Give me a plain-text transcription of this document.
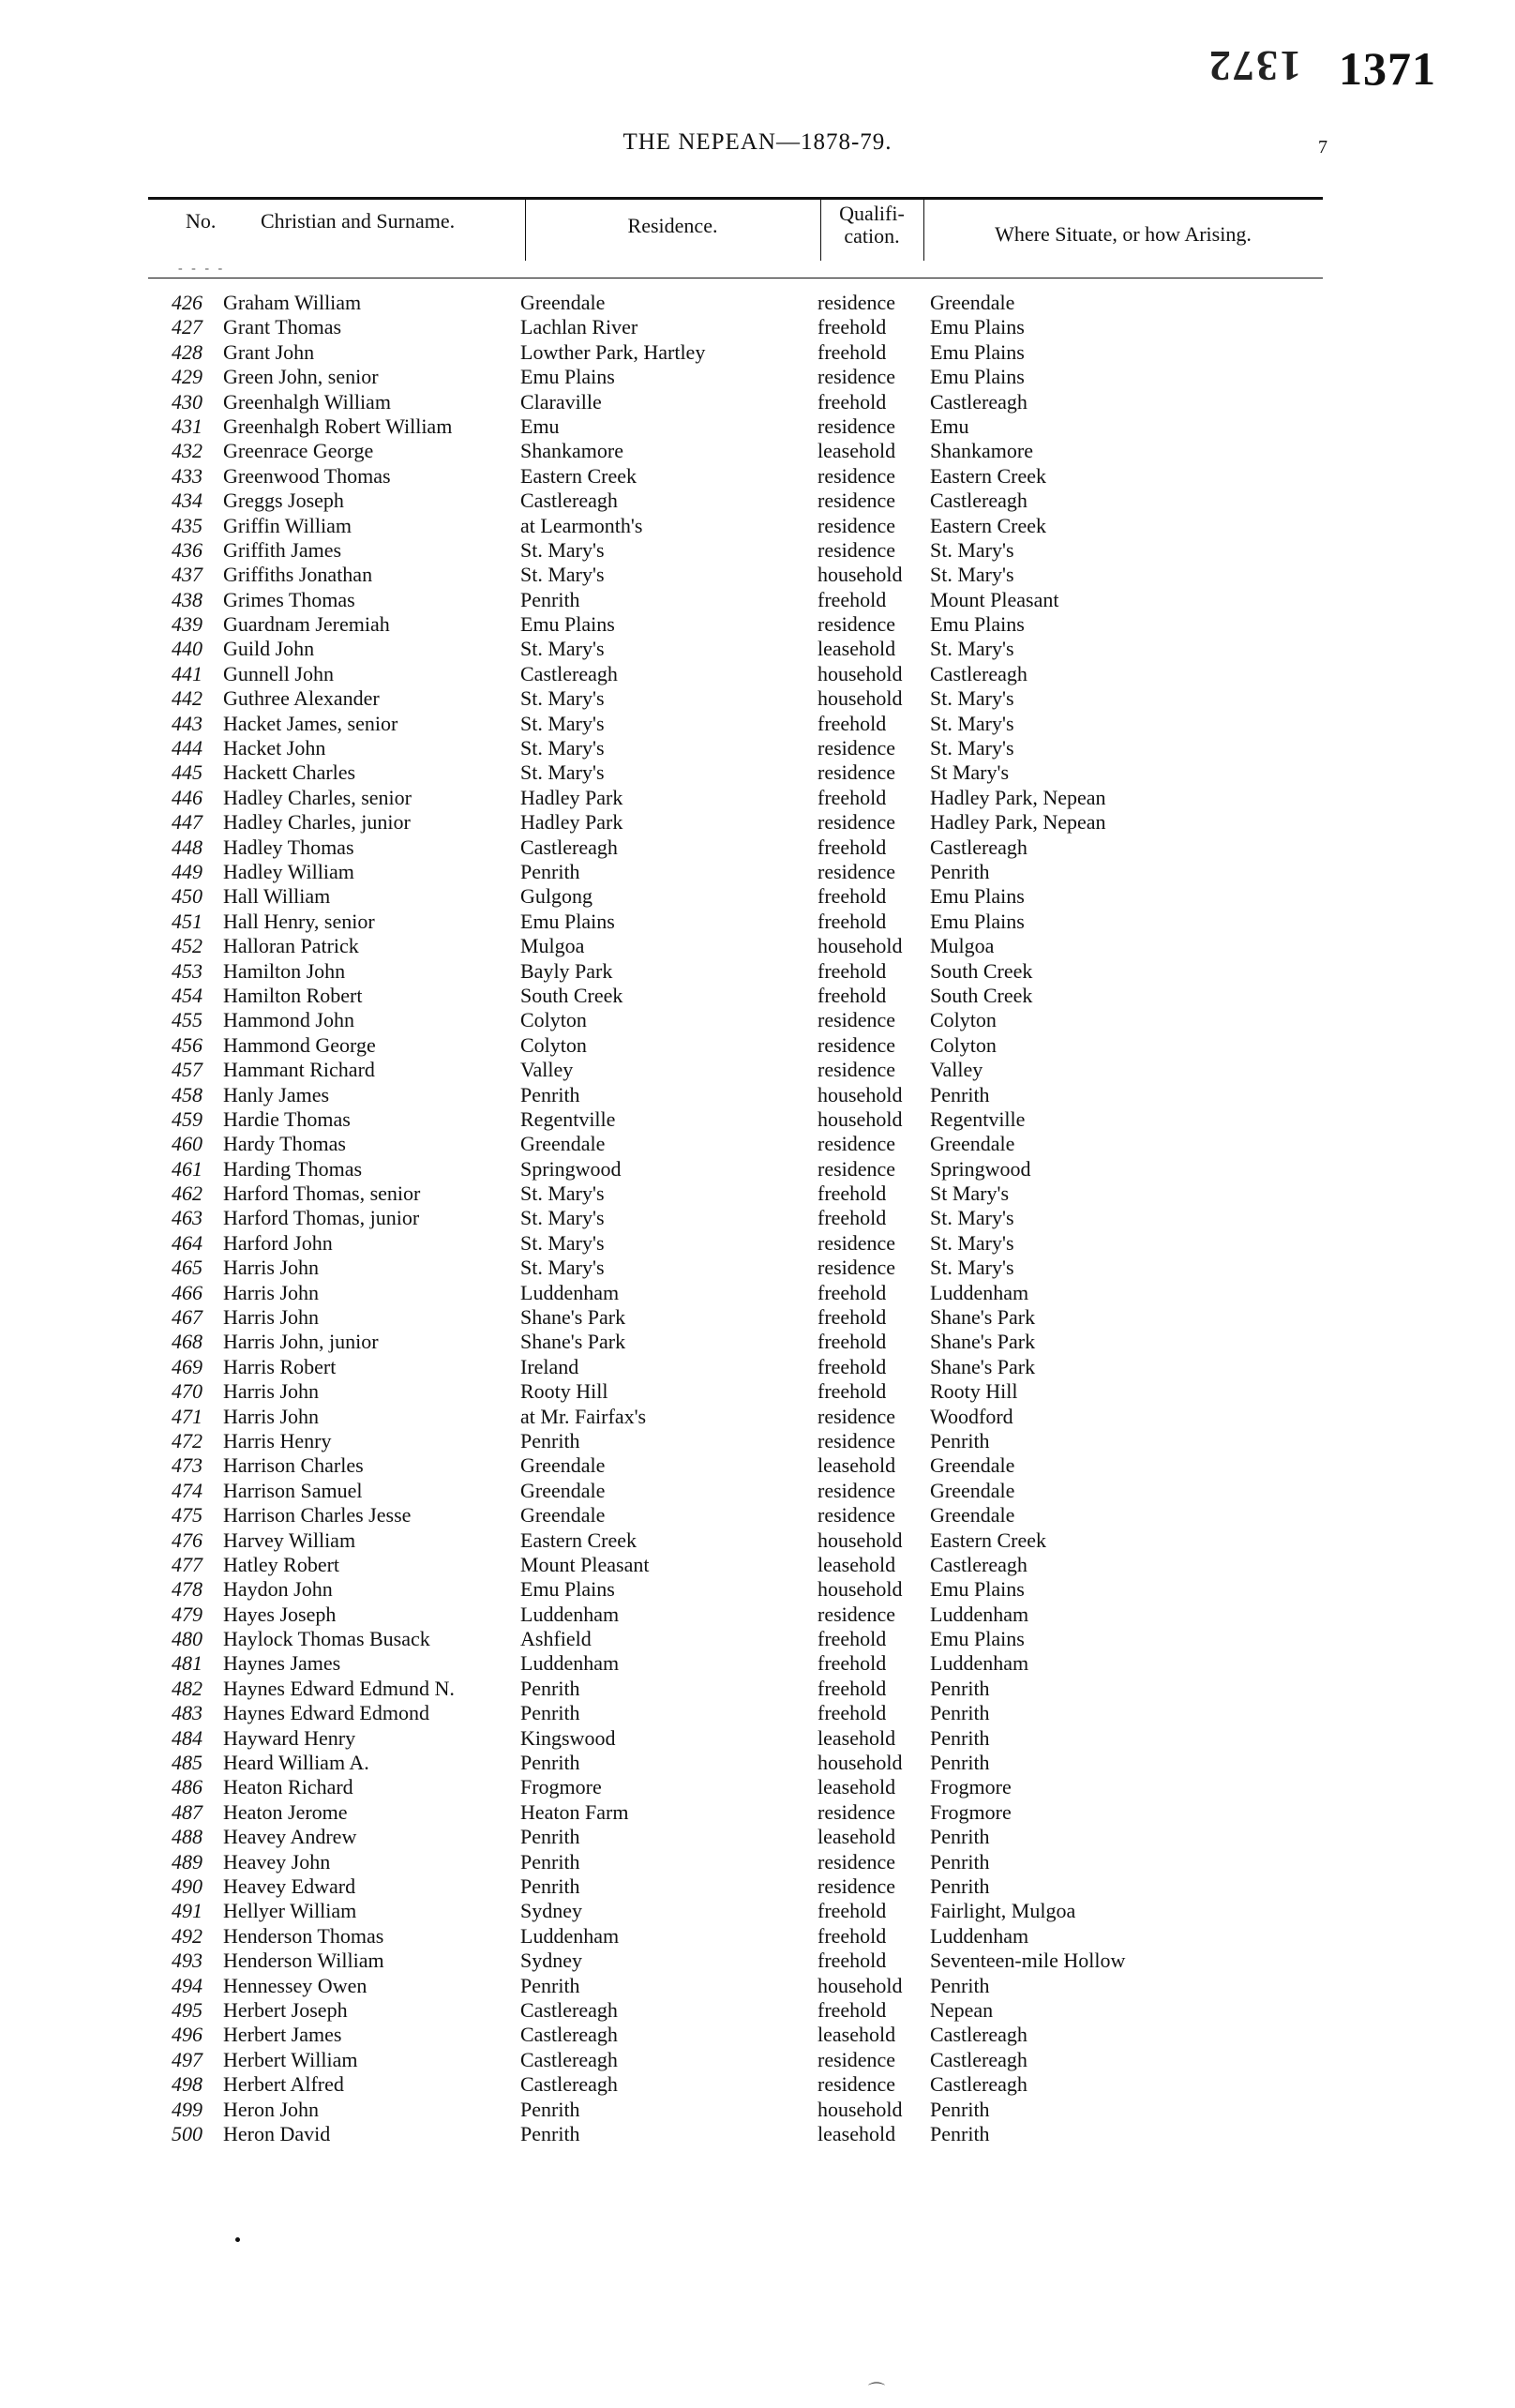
1372 1371
THE NEPEAN—1878-79.	7
No. Christian and Surname.	Residence.
Qualifi-
cation.	Where Situate, or how Arising.
- - - -
426 Graham William	Greendale	residence Greendale
427 Grant Thomas	Lachlan River	freehold Emu Plains
428 Grant John	Lowther Park, Hartley	freehold Emu Plains
429 Green John, senior	Emu Plains	residence Emu Plains
430 Greenhalgh William	Claraville	freehold Castlereagh
431 Greenhalgh Robert William	Emu	residence Emu
432 Greenrace George	Shankamore	leasehold Shankamore
433 Greenwood Thomas	Eastern Creek	residence Eastern Creek
434 Greggs Joseph	Castlereagh	residence Castlereagh
435 Griffin William	at Learmonth's	residence Eastern Creek
436 Griffith James	St. Mary's	residence St. Mary's
437 Griffiths Jonathan	St. Mary's	household St. Mary's
438 Grimes Thomas	Penrith	freehold Mount Pleasant
439 Guardnam Jeremiah	Emu Plains	residence Emu Plains
440 Guild John	St. Mary's	leasehold St. Mary's
441 Gunnell John	Castlereagh	household Castlereagh
442 Guthree Alexander	St. Mary's	household St. Mary's
443 Hacket James, senior	St. Mary's	freehold St. Mary's
444 Hacket John	St. Mary's	residence St. Mary's
445 Hackett Charles	St. Mary's	residence St Mary's
446 Hadley Charles, senior	Hadley Park	freehold Hadley Park, Nepean
447 Hadley Charles, junior	Hadley Park	residence Hadley Park, Nepean
448 Hadley Thomas	Castlereagh	freehold Castlereagh
449 Hadley William	Penrith	residence Penrith
450 Hall William	Gulgong	freehold Emu Plains
451 Hall Henry, senior	Emu Plains	freehold Emu Plains
452 Halloran Patrick	Mulgoa	household Mulgoa
453 Hamilton John	Bayly Park	freehold South Creek
454 Hamilton Robert	South Creek	freehold South Creek
455 Hammond John	Colyton	residence Colyton
456 Hammond George	Colyton	residence Colyton
457 Hammant Richard	Valley	residence Valley
458 Hanly James	Penrith	household Penrith
459 Hardie Thomas	Regentville	household Regentville
460 Hardy Thomas	Greendale	residence Greendale
461 Harding Thomas	Springwood	residence Springwood
462 Harford Thomas, senior	St. Mary's	freehold St Mary's
463 Harford Thomas, junior	St. Mary's	freehold St. Mary's
464 Harford John	St. Mary's	residence St. Mary's
465 Harris John	St. Mary's	residence St. Mary's
466 Harris John	Luddenham	freehold Luddenham
467 Harris John	Shane's Park	freehold Shane's Park
468 Harris John, junior	Shane's Park	freehold Shane's Park
469 Harris Robert	Ireland	freehold Shane's Park
470 Harris John	Rooty Hill	freehold Rooty Hill
471 Harris John	at Mr. Fairfax's	residence Woodford
472 Harris Henry	Penrith	residence Penrith
473 Harrison Charles	Greendale	leasehold Greendale
474 Harrison Samuel	Greendale	residence Greendale
475 Harrison Charles Jesse	Greendale	residence Greendale
476 Harvey William	Eastern Creek	household Eastern Creek
477 Hatley Robert	Mount Pleasant	leasehold Castlereagh
478 Haydon John	Emu Plains	household Emu Plains
479 Hayes Joseph	Luddenham	residence Luddenham
480 Haylock Thomas Busack	Ashfield	freehold Emu Plains
481 Haynes James	Luddenham	freehold Luddenham
482 Haynes Edward Edmund N.	Penrith	freehold Penrith
483 Haynes Edward Edmond	Penrith	freehold Penrith
484 Hayward Henry	Kingswood	leasehold Penrith
485 Heard William A.	Penrith	household Penrith
486 Heaton Richard	Frogmore	leasehold Frogmore
487 Heaton Jerome	Heaton Farm	residence Frogmore
488 Heavey Andrew	Penrith	leasehold Penrith
489 Heavey John	Penrith	residence Penrith
490 Heavey Edward	Penrith	residence Penrith
491 Hellyer William	Sydney	freehold Fairlight, Mulgoa
492 Henderson Thomas	Luddenham	freehold Luddenham
493 Henderson William	Sydney	freehold Seventeen-mile Hollow
494 Hennessey Owen	Penrith	household Penrith
495 Herbert Joseph	Castlereagh	freehold Nepean
496 Herbert James	Castlereagh	leasehold Castlereagh
497 Herbert William	Castlereagh	residence Castlereagh
498 Herbert Alfred	Castlereagh	residence Castlereagh
499 Heron John	Penrith	household Penrith
500 Heron David	Penrith	leasehold Penrith
⌒
